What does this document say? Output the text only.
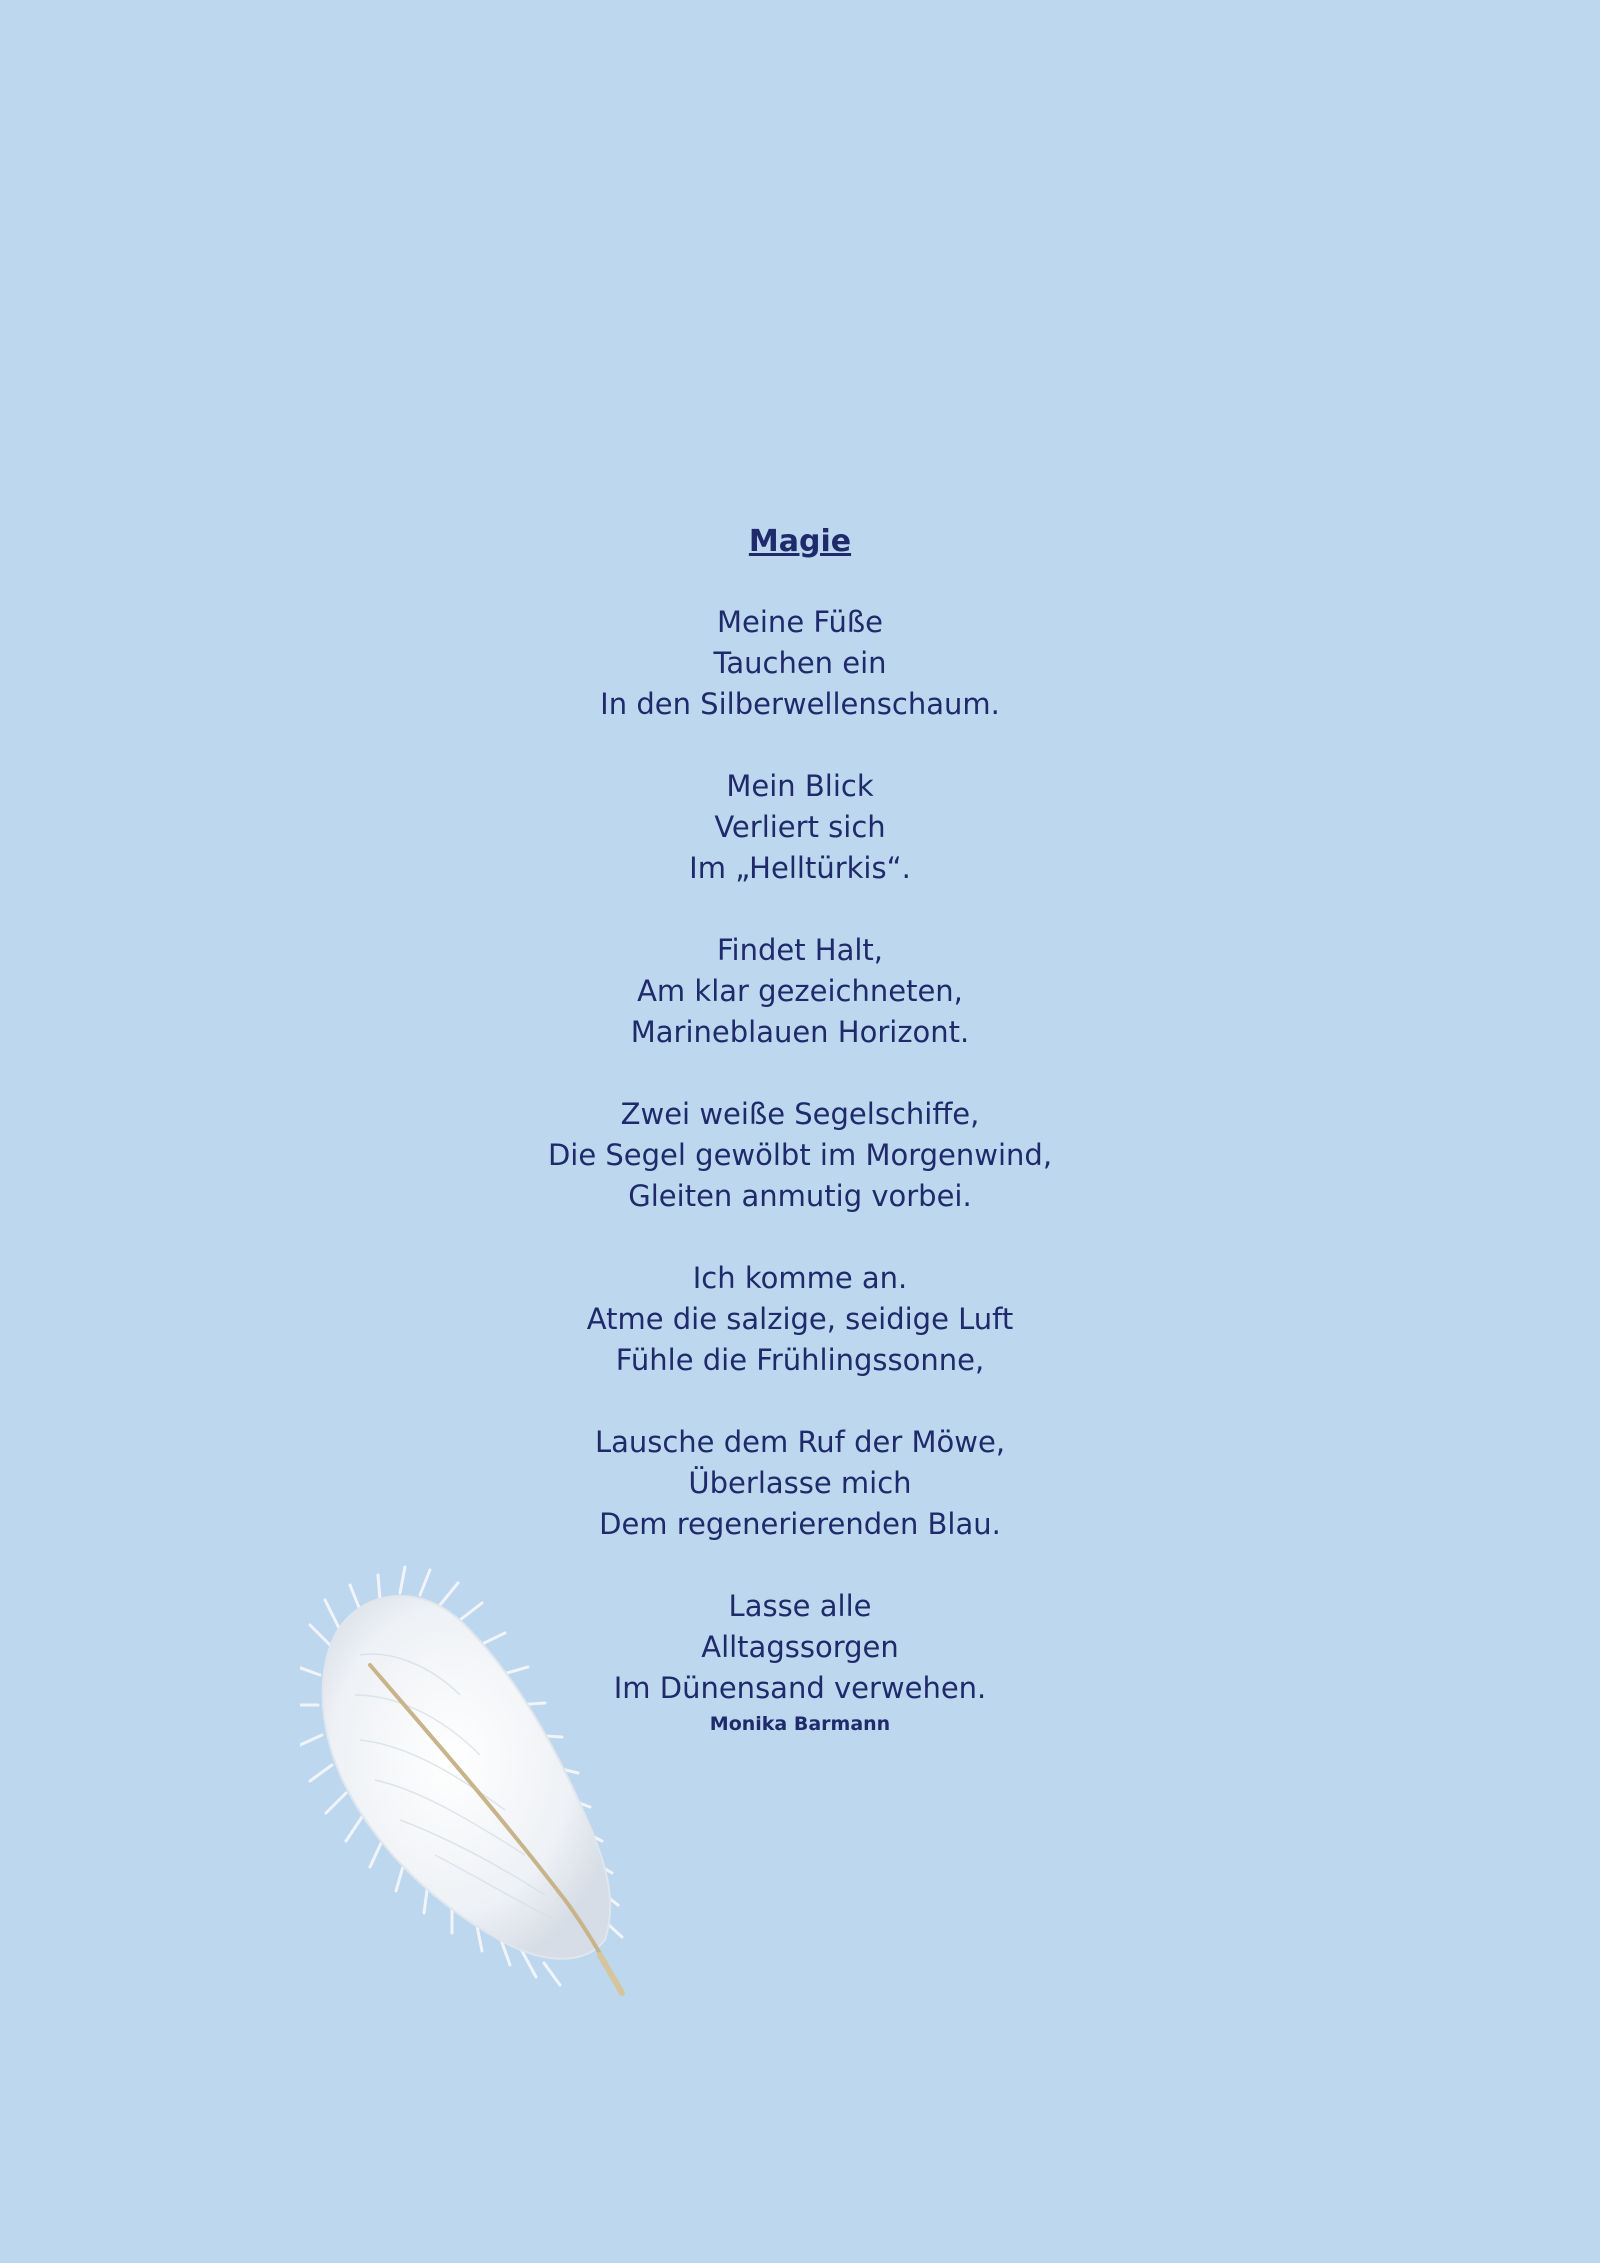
Magie
Meine Füße
Tauchen ein
In den Silberwellenschaum.
Mein Blick
Verliert sich
Im „Helltürkis“.
Findet Halt,
Am klar gezeichneten,
Marineblauen Horizont.
Zwei weiße Segelschiffe,
Die Segel gewölbt im Morgenwind,
Gleiten anmutig vorbei.
Ich komme an.
Atme die salzige, seidige Luft
Fühle die Frühlingssonne,
Lausche dem Ruf der Möwe,
Überlasse mich
Dem regenerierenden Blau.
Lasse alle
Alltagssorgen
Im Dünensand verwehen.
Monika Barmann
